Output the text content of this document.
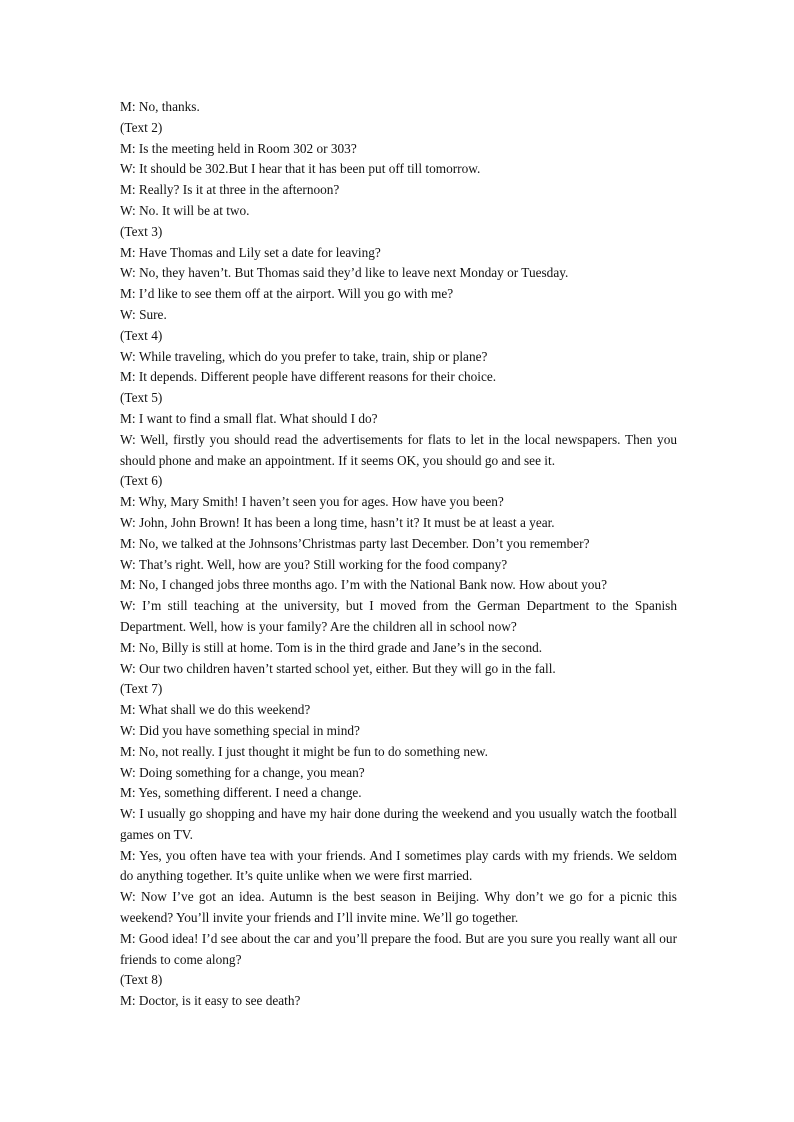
M: No, thanks.

(Text 2)

M: Is the meeting held in Room 302 or 303?

W: It should be 302.But I hear that it has been put off till tomorrow.

M: Really? Is it at three in the afternoon?

W: No. It will be at two.

(Text 3)

M: Have Thomas and Lily set a date for leaving?

W: No, they haven’t. But Thomas said they’d like to leave next Monday or Tuesday.

M: I’d like to see them off at the airport. Will you go with me?

W: Sure.

(Text 4)

W: While traveling, which do you prefer to take, train, ship or plane?

M: It depends. Different people have different reasons for their choice.

(Text 5)

M: I want to find a small flat. What should I do?

W: Well, firstly you should read the advertisements for flats to let in the local newspapers. Then you should phone and make an appointment. If it seems OK, you should go and see it.

(Text 6)

M: Why, Mary Smith! I haven’t seen you for ages. How have you been?

W: John, John Brown! It has been a long time, hasn’t it? It must be at least a year.

M: No, we talked at the Johnsons’Christmas party last December. Don’t you remember?

W: That’s right. Well, how are you? Still working for the food company?

M: No, I changed jobs three months ago. I’m with the National Bank now. How about you?

W: I’m still teaching at the university, but I moved from the German Department to the Spanish Department. Well, how is your family? Are the children all in school now?

M: No, Billy is still at home. Tom is in the third grade and Jane’s in the second.

W: Our two children haven’t started school yet, either. But they will go in the fall.

(Text 7)

M: What shall we do this weekend?

W: Did you have something special in mind?

M: No, not really. I just thought it might be fun to do something new.

W: Doing something for a change, you mean?

M: Yes, something different. I need a change.

W: I usually go shopping and have my hair done during the weekend and you usually watch the football games on TV.

M: Yes, you often have tea with your friends. And I sometimes play cards with my friends. We seldom do anything together. It’s quite unlike when we were first married.

W: Now I’ve got an idea. Autumn is the best season in Beijing. Why don’t we go for a picnic this weekend? You’ll invite your friends and I’ll invite mine. We’ll go together.

M: Good idea! I’d see about the car and you’ll prepare the food. But are you sure you really want all our friends to come along?

(Text 8)

M: Doctor, is it easy to see death?
